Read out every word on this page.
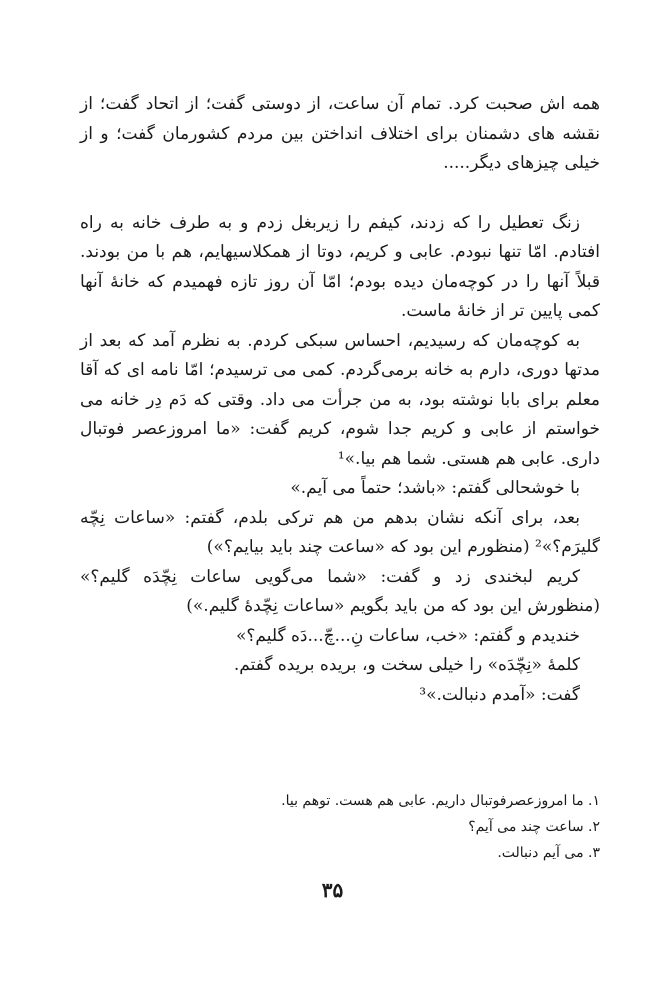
همه اش صحبت کرد. تمام آن ساعت، از دوستی گفت؛ از اتحاد گفت؛ از نقشه های دشمنان برای اختلاف انداختن بین مردم کشورمان گفت؛ و از خیلی چیزهای دیگر.....

زنگ تعطیل را که زدند، کیفم را زیربغل زدم و به طرف خانه به راه افتادم. امّا تنها نبودم. عابی و کریم، دوتا از همکلاسیهایم، هم با من بودند. قبلاً آنها را در کوچه‌مان دیده بودم؛ امّا آن روز تازه فهمیدم که خانهٔ آنها کمی پایین تر از خانهٔ ماست.

به کوچه‌مان که رسیدیم، احساس سبکی کردم. به نظرم آمد که بعد از مدتها دوری، دارم به خانه برمی‌گردم. کمی می ترسیدم؛ امّا نامه ای که آقا معلم برای بابا نوشته بود، به من جرأت می داد. وقتی که دَم دِر خانه می خواستم از عابی و کریم جدا شوم، کریم گفت: «ما امروزعصر فوتبال داری. عابی هم هستی. شما هم بیا.»¹

با خوشحالی گفتم: «باشد؛ حتماً می آیم.»

بعد، برای آنکه نشان بدهم من هم ترکی بلدم، گفتم: «ساعات نِچّه گلیرَم؟»² (منظورم این بود که «ساعت چند باید بیایم؟»)

کریم لبخندی زد و گفت: «شما می‌گویی ساعات نِچّدَه گلیم؟» (منظورش این بود که من باید بگویم «ساعات نِچّدهٔ گلیم.»)

خندیدم و گفتم: «خب، ساعات نِ...چّ...دَه گلیم؟»

کلمهٔ «نِچّدَه» را خیلی سخت و، بریده بریده گفتم.

گفت: «آمدم دنبالت.»³

۱. ما امروزعصرفوتبال داریم. عابی هم هست. توهم بیا.

۲. ساعت چند می آیم؟

۳. می آیم دنبالت.

۳۵
